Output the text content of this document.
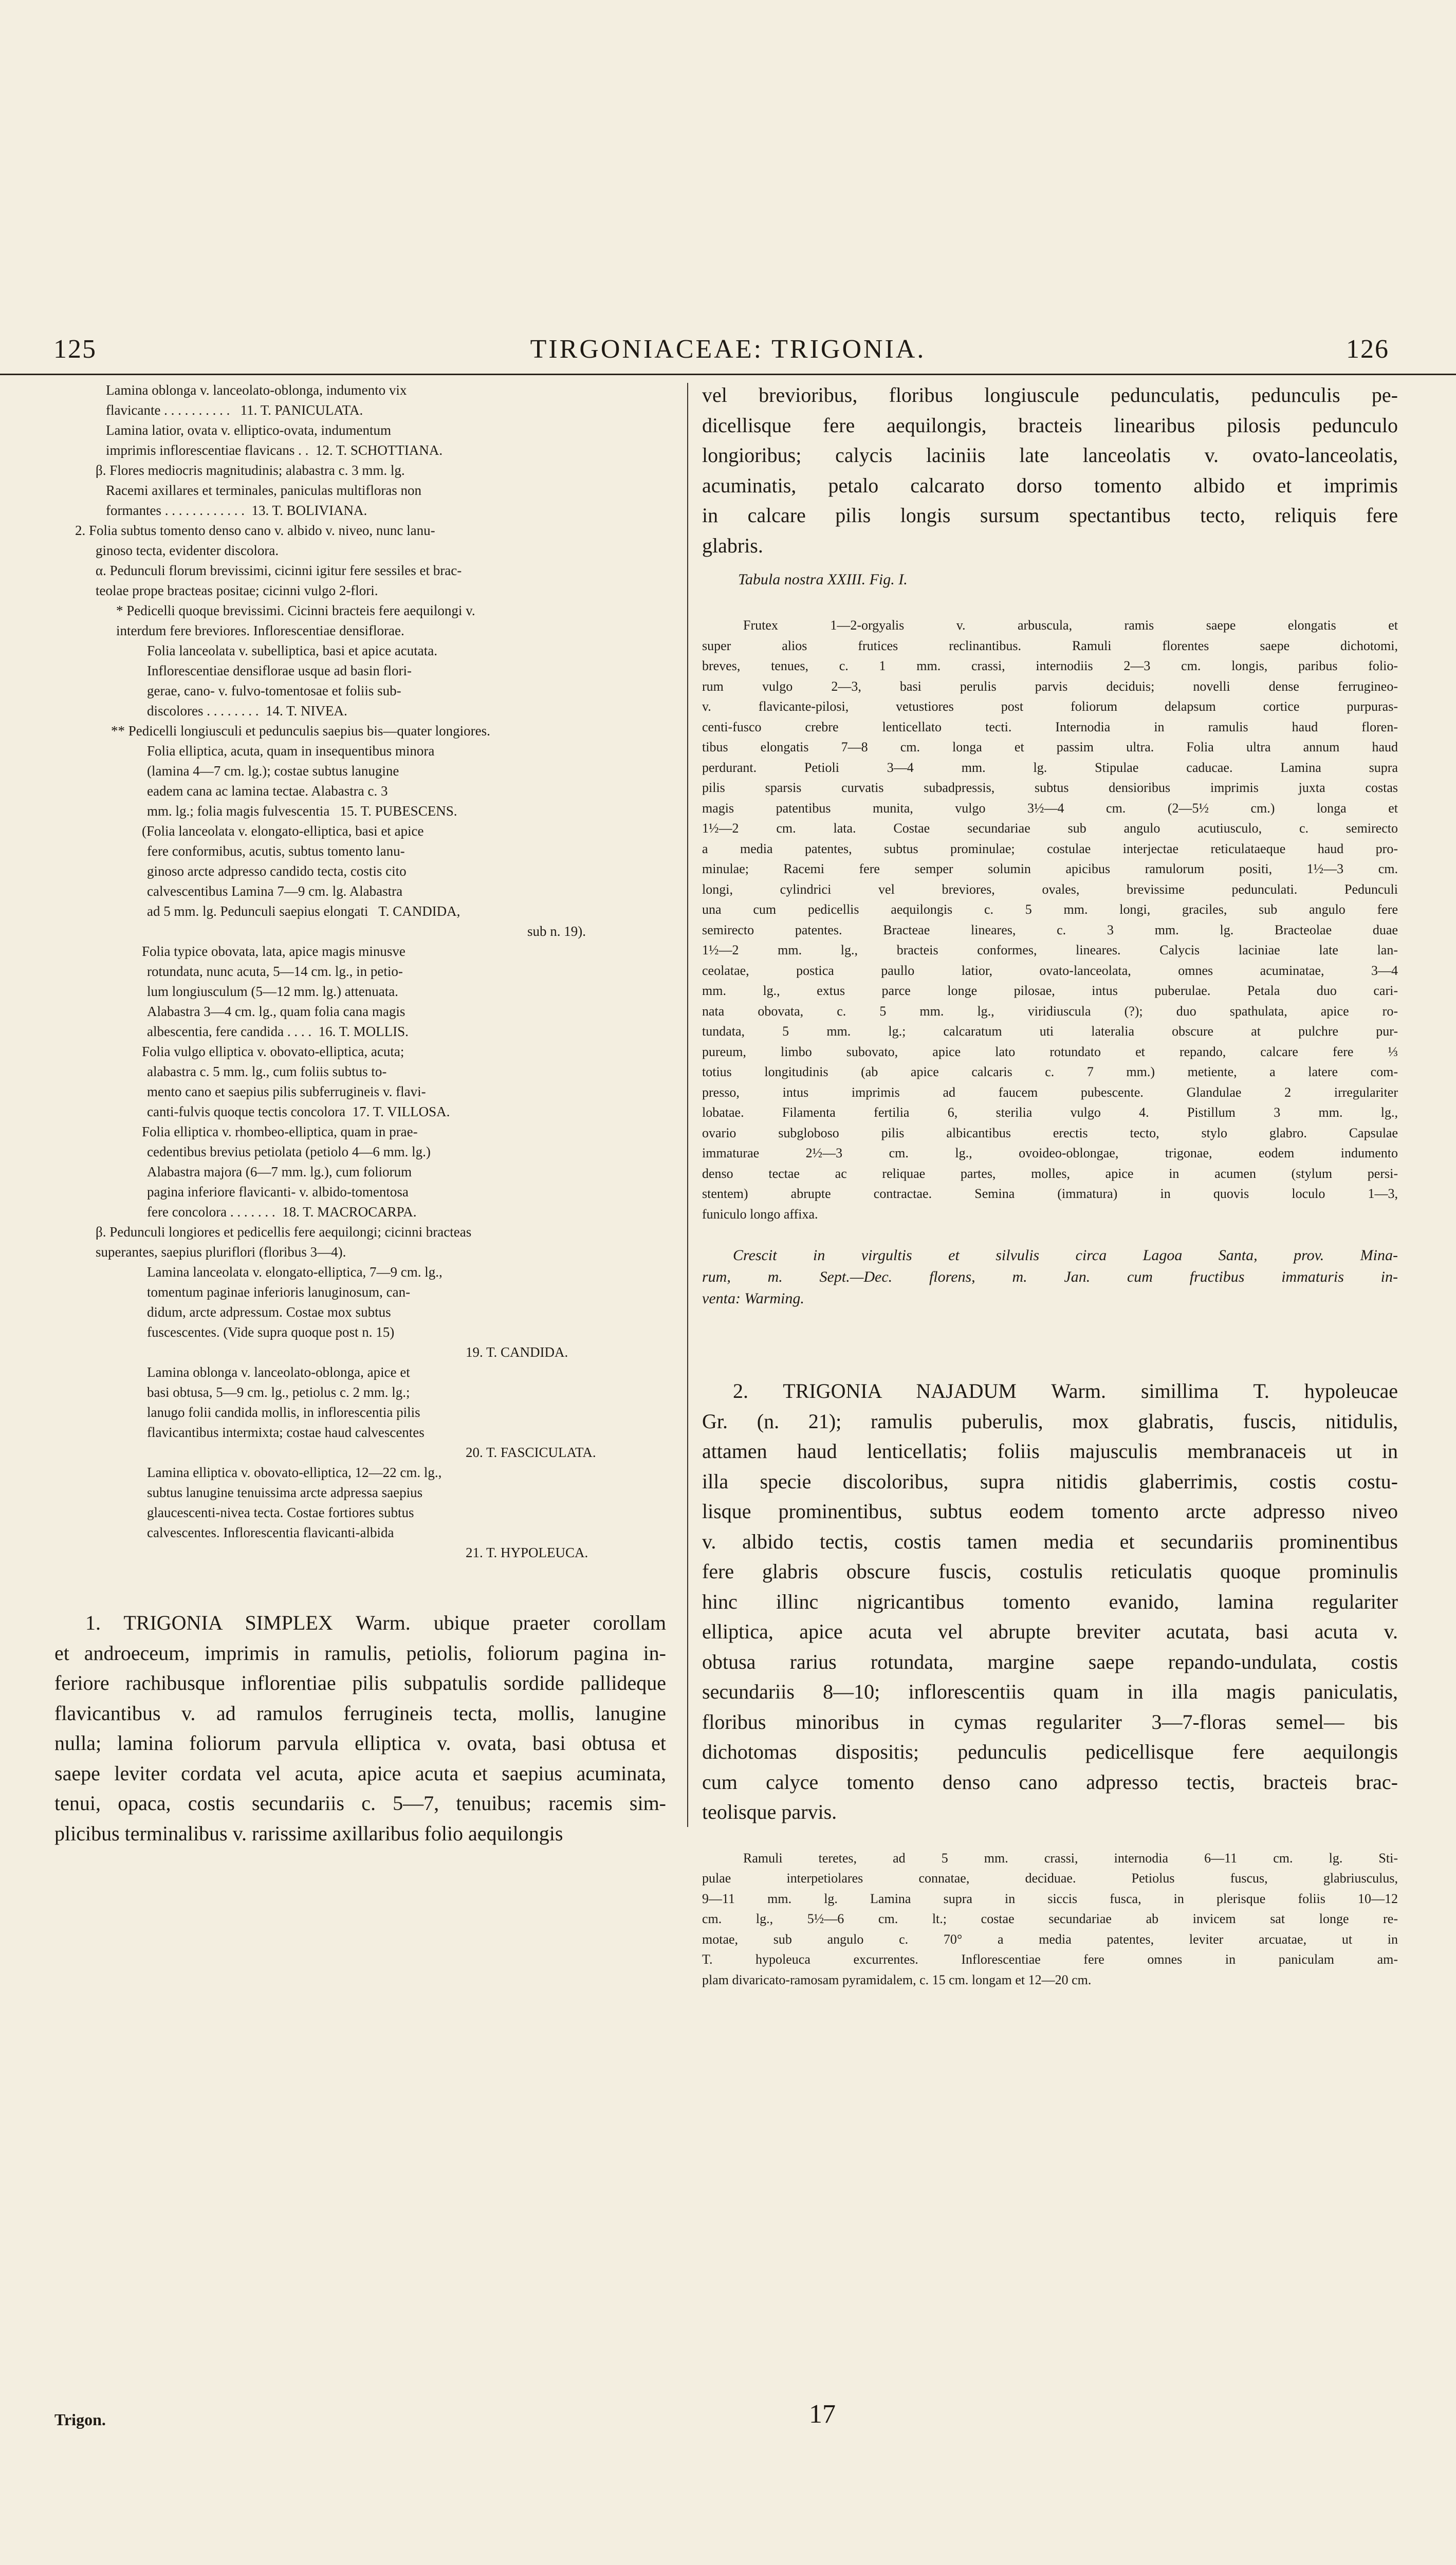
125	TIRGONIACEAE: TRIGONIA.	126
Lamina oblonga v. lanceolato-oblonga, indumento vix
flavicante . . . . . . . . . .   11. T. PANICULATA.
Lamina latior, ovata v. elliptico-ovata, indumentum
imprimis inflorescentiae flavicans . .  12. T. SCHOTTIANA.
β. Flores mediocris magnitudinis; alabastra c. 3 mm. lg.
Racemi axillares et terminales, paniculas multifloras non
formantes . . . . . . . . . . . .  13. T. BOLIVIANA.
2. Folia subtus tomento denso cano v. albido v. niveo, nunc lanu-
ginoso tecta, evidenter discolora.
α. Pedunculi florum brevissimi, cicinni igitur fere sessiles et brac-
teolae prope bracteas positae; cicinni vulgo 2-flori.
* Pedicelli quoque brevissimi. Cicinni bracteis fere aequilongi v.
interdum fere breviores. Inflorescentiae densiflorae.
Folia lanceolata v. subelliptica, basi et apice acutata.
Inflorescentiae densiflorae usque ad basin flori-
gerae, cano- v. fulvo-tomentosae et foliis sub-
discolores . . . . . . . .  14. T. NIVEA.
** Pedicelli longiusculi et pedunculis saepius bis—quater longiores.
Folia elliptica, acuta, quam in insequentibus minora
(lamina 4—7 cm. lg.); costae subtus lanugine
eadem cana ac lamina tectae. Alabastra c. 3
mm. lg.; folia magis fulvescentia   15. T. PUBESCENS.
(Folia lanceolata v. elongato-elliptica, basi et apice
fere conformibus, acutis, subtus tomento lanu-
ginoso arcte adpresso candido tecta, costis cito
calvescentibus Lamina 7—9 cm. lg. Alabastra
ad 5 mm. lg. Pedunculi saepius elongati   T. CANDIDA,
sub n. 19).
Folia typice obovata, lata, apice magis minusve
rotundata, nunc acuta, 5—14 cm. lg., in petio-
lum longiusculum (5—12 mm. lg.) attenuata.
Alabastra 3—4 cm. lg., quam folia cana magis
albescentia, fere candida . . . .  16. T. MOLLIS.
Folia vulgo elliptica v. obovato-elliptica, acuta;
alabastra c. 5 mm. lg., cum foliis subtus to-
mento cano et saepius pilis subferrugineis v. flavi-
canti-fulvis quoque tectis concolora  17. T. VILLOSA.
Folia elliptica v. rhombeo-elliptica, quam in prae-
cedentibus brevius petiolata (petiolo 4—6 mm. lg.)
Alabastra majora (6—7 mm. lg.), cum foliorum
pagina inferiore flavicanti- v. albido-tomentosa
fere concolora . . . . . . .  18. T. MACROCARPA.
β. Pedunculi longiores et pedicellis fere aequilongi; cicinni bracteas
superantes, saepius pluriflori (floribus 3—4).
Lamina lanceolata v. elongato-elliptica, 7—9 cm. lg.,
tomentum paginae inferioris lanuginosum, can-
didum, arcte adpressum. Costae mox subtus
fuscescentes. (Vide supra quoque post n. 15)
19. T. CANDIDA.
Lamina oblonga v. lanceolato-oblonga, apice et
basi obtusa, 5—9 cm. lg., petiolus c. 2 mm. lg.;
lanugo folii candida mollis, in inflorescentia pilis
flavicantibus intermixta; costae haud calvescentes
20. T. FASCICULATA.
Lamina elliptica v. obovato-elliptica, 12—22 cm. lg.,
subtus lanugine tenuissima arcte adpressa saepius
glaucescenti-nivea tecta. Costae fortiores subtus
calvescentes. Inflorescentia flavicanti-albida
21. T. HYPOLEUCA.
1. TRIGONIA SIMPLEX Warm. ubique praeter corollam
et androeceum, imprimis in ramulis, petiolis, foliorum pagina in-
feriore rachibusque inflorentiae pilis subpatulis sordide pallideque
flavicantibus v. ad ramulos ferrugineis tecta, mollis, lanugine
nulla; lamina foliorum parvula elliptica v. ovata, basi obtusa et
saepe leviter cordata vel acuta, apice acuta et saepius acuminata,
tenui, opaca, costis secundariis c. 5—7, tenuibus; racemis sim-
plicibus terminalibus v. rarissime axillaribus folio aequilongis
vel brevioribus, floribus longiuscule pedunculatis, pedunculis pe-
dicellisque fere aequilongis, bracteis linearibus pilosis pedunculo
longioribus; calycis laciniis late lanceolatis v. ovato-lanceolatis,
acuminatis, petalo calcarato dorso tomento albido et imprimis
in calcare pilis longis sursum spectantibus tecto, reliquis fere
glabris.
Tabula nostra XXIII. Fig. I.
Frutex 1—2-orgyalis v. arbuscula, ramis saepe elongatis et
super alios frutices reclinantibus. Ramuli florentes saepe dichotomi,
breves, tenues, c. 1 mm. crassi, internodiis 2—3 cm. longis, paribus folio-
rum vulgo 2—3, basi perulis parvis deciduis; novelli dense ferrugineo-
v. flavicante-pilosi, vetustiores post foliorum delapsum cortice purpuras-
centi-fusco crebre lenticellato tecti. Internodia in ramulis haud floren-
tibus elongatis 7—8 cm. longa et passim ultra. Folia ultra annum haud
perdurant. Petioli 3—4 mm. lg. Stipulae caducae. Lamina supra
pilis sparsis curvatis subadpressis, subtus densioribus imprimis juxta costas
magis patentibus munita, vulgo 3½—4 cm. (2—5½ cm.) longa et
1½—2 cm. lata. Costae secundariae sub angulo acutiusculo, c. semirecto
a media patentes, subtus prominulae; costulae interjectae reticulataeque haud pro-
minulae; Racemi fere semper solumin apicibus ramulorum positi, 1½—3 cm.
longi, cylindrici vel breviores, ovales, brevissime pedunculati. Pedunculi
una cum pedicellis aequilongis c. 5 mm. longi, graciles, sub angulo fere
semirecto patentes. Bracteae lineares, c. 3 mm. lg. Bracteolae duae
1½—2 mm. lg., bracteis conformes, lineares. Calycis laciniae late lan-
ceolatae, postica paullo latior, ovato-lanceolata, omnes acuminatae, 3—4
mm. lg., extus parce longe pilosae, intus puberulae. Petala duo cari-
nata obovata, c. 5 mm. lg., viridiuscula (?); duo spathulata, apice ro-
tundata, 5 mm. lg.; calcaratum uti lateralia obscure at pulchre pur-
pureum, limbo subovato, apice lato rotundato et repando, calcare fere ⅓
totius longitudinis (ab apice calcaris c. 7 mm.) metiente, a latere com-
presso, intus imprimis ad faucem pubescente. Glandulae 2 irregulariter
lobatae. Filamenta fertilia 6, sterilia vulgo 4. Pistillum 3 mm. lg.,
ovario subgloboso pilis albicantibus erectis tecto, stylo glabro. Capsulae
immaturae 2½—3 cm. lg., ovoideo-oblongae, trigonae, eodem indumento
denso tectae ac reliquae partes, molles, apice in acumen (stylum persi-
stentem) abrupte contractae. Semina (immatura) in quovis loculo 1—3,
funiculo longo affixa.
Crescit in virgultis et silvulis circa Lagoa Santa, prov. Mina-
rum, m. Sept.—Dec. florens, m. Jan. cum fructibus immaturis in-
venta: Warming.
2. TRIGONIA NAJADUM Warm. simillima T. hypoleucae
Gr. (n. 21); ramulis puberulis, mox glabratis, fuscis, nitidulis,
attamen haud lenticellatis; foliis majusculis membranaceis ut in
illa specie discoloribus, supra nitidis glaberrimis, costis costu-
lisque prominentibus, subtus eodem tomento arcte adpresso niveo
v. albido tectis, costis tamen media et secundariis prominentibus
fere glabris obscure fuscis, costulis reticulatis quoque prominulis
hinc illinc nigricantibus tomento evanido, lamina regulariter
elliptica, apice acuta vel abrupte breviter acutata, basi acuta v.
obtusa rarius rotundata, margine saepe repando-undulata, costis
secundariis 8—10; inflorescentiis quam in illa magis paniculatis,
floribus minoribus in cymas regulariter 3—7-floras semel— bis
dichotomas dispositis; pedunculis pedicellisque fere aequilongis
cum calyce tomento denso cano adpresso tectis, bracteis brac-
teolisque parvis.
Ramuli teretes, ad 5 mm. crassi, internodia 6—11 cm. lg. Sti-
pulae interpetiolares connatae, deciduae. Petiolus fuscus, glabriusculus,
9—11 mm. lg. Lamina supra in siccis fusca, in plerisque foliis 10—12
cm. lg., 5½—6 cm. lt.; costae secundariae ab invicem sat longe re-
motae, sub angulo c. 70° a media patentes, leviter arcuatae, ut in
T. hypoleuca excurrentes. Inflorescentiae fere omnes in paniculam am-
plam divaricato-ramosam pyramidalem, c. 15 cm. longam et 12—20 cm.
Trigon.	17
